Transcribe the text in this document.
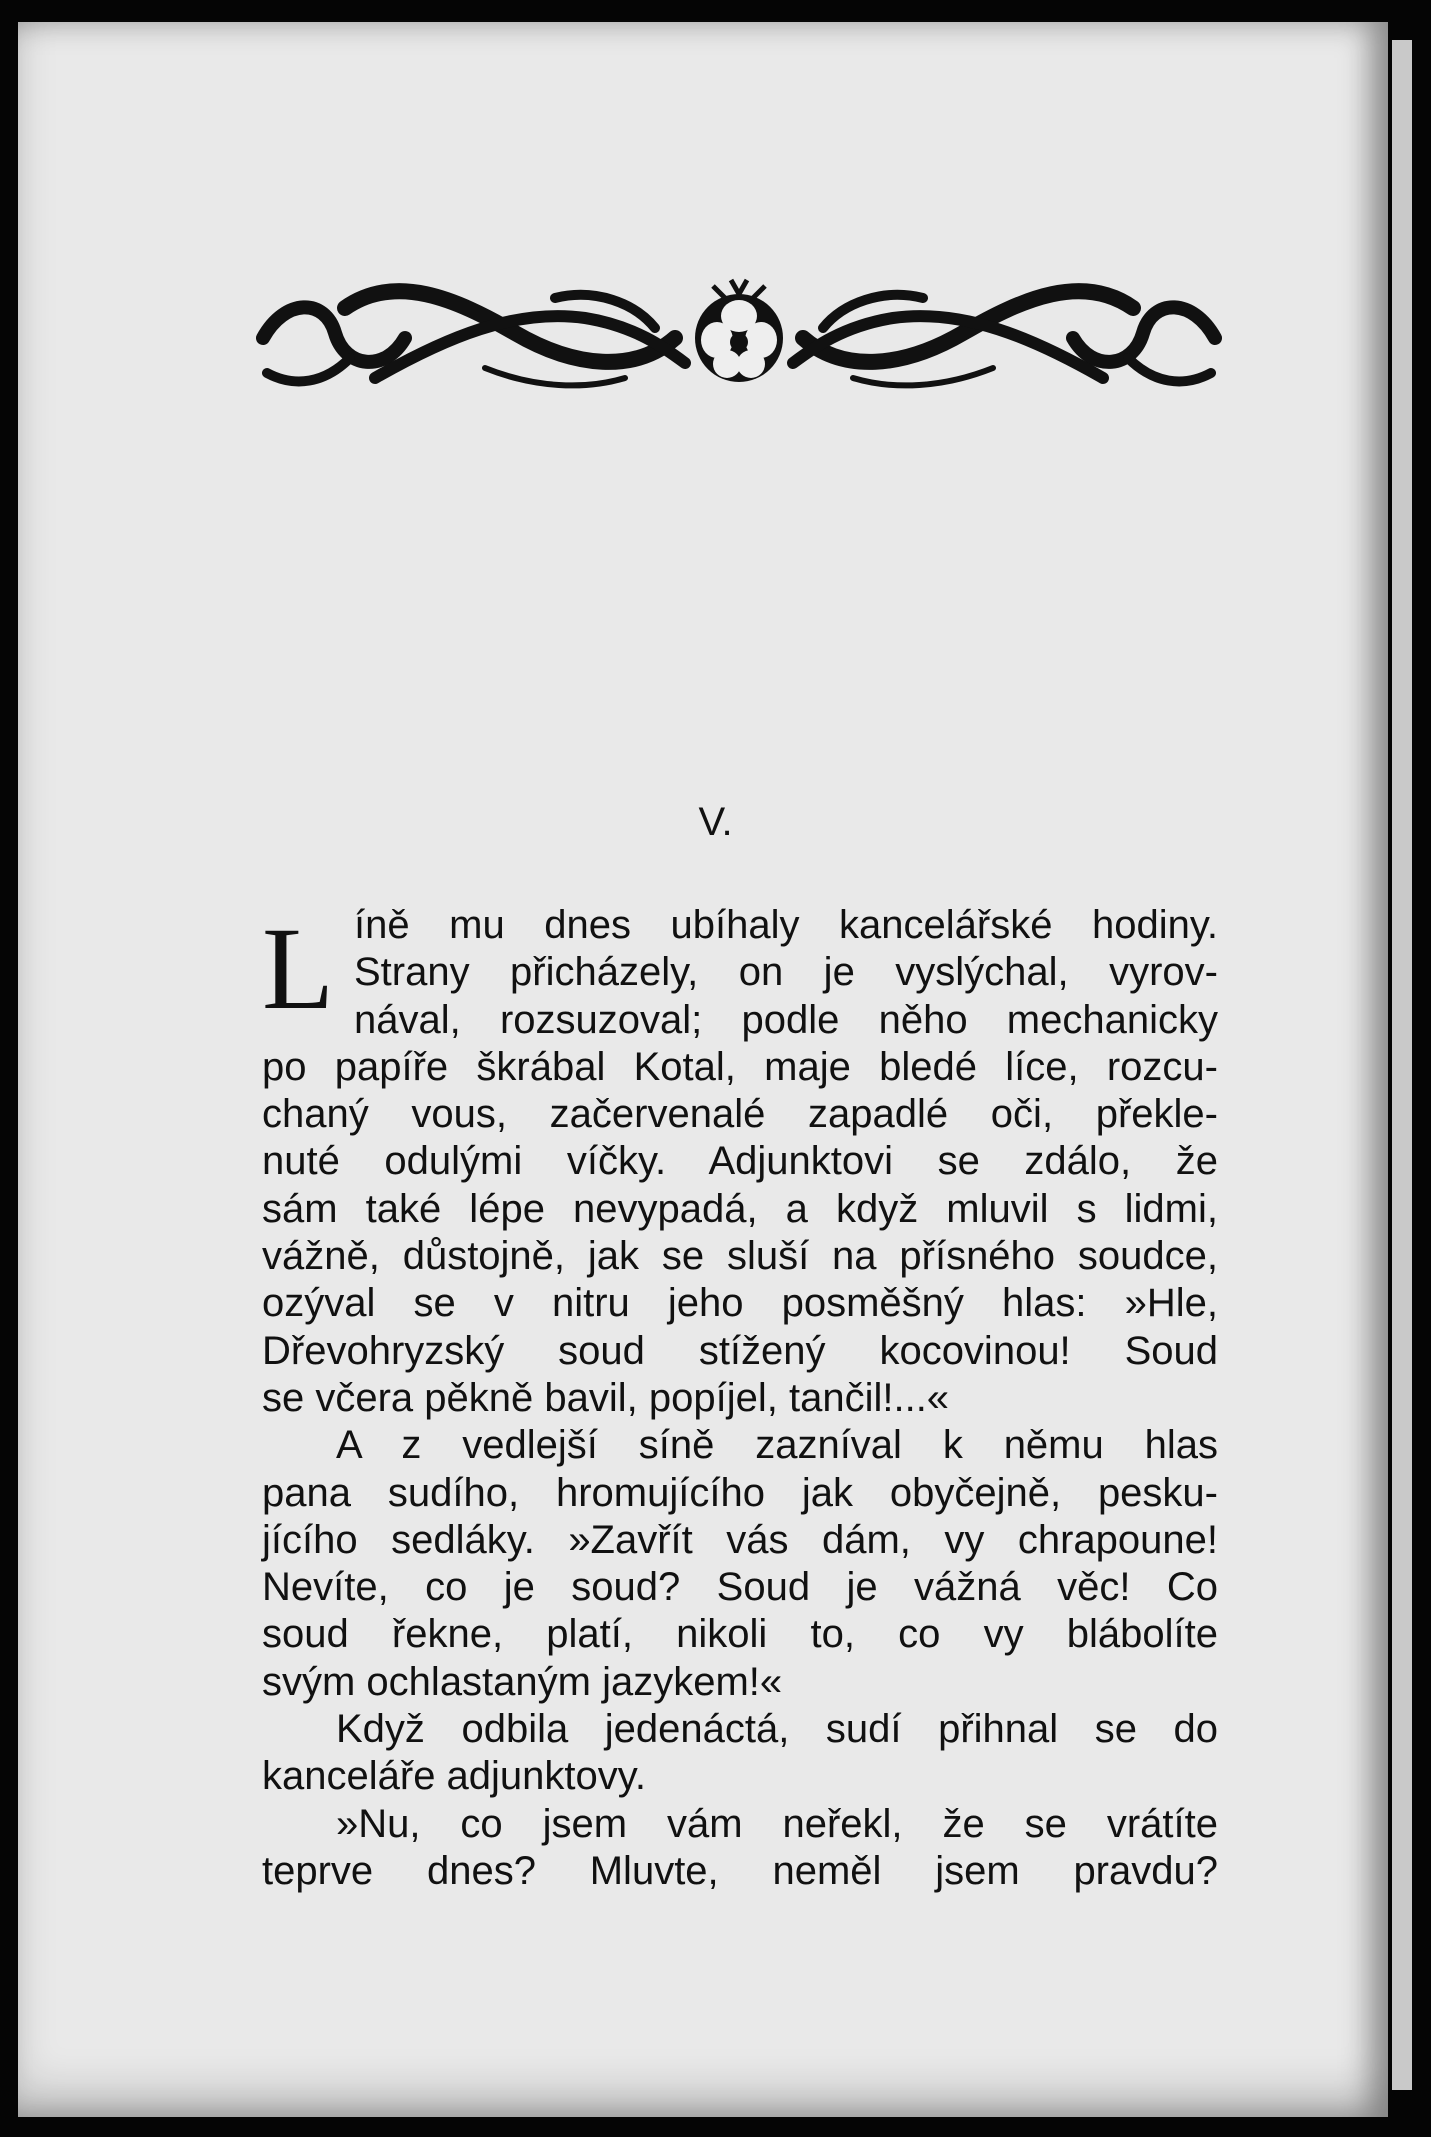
V.
L íně mu dnes ubíhaly kancelářské hodiny.
Strany přicházely, on je vyslýchal, vyrov-
nával, rozsuzoval; podle něho mechanicky
po papíře škrábal Kotal, maje bledé líce, rozcu-
chaný vous, začervenalé zapadlé oči, překle-
nuté odulými víčky. Adjunktovi se zdálo, že
sám také lépe nevypadá, a když mluvil s lidmi,
vážně, důstojně, jak se sluší na přísného soudce,
ozýval se v nitru jeho posměšný hlas: »Hle,
Dřevohryzský soud stížený kocovinou! Soud
se včera pěkně bavil, popíjel, tančil!...«
A z vedlejší síně zazníval k němu hlas
pana sudího, hromujícího jak obyčejně, pesku-
jícího sedláky. »Zavřít vás dám, vy chrapoune!
Nevíte, co je soud? Soud je vážná věc! Co
soud řekne, platí, nikoli to, co vy blábolíte
svým ochlastaným jazykem!«
Když odbila jedenáctá, sudí přihnal se do
kanceláře adjunktovy.
»Nu, co jsem vám neřekl, že se vrátíte
teprve dnes? Mluvte, neměl jsem pravdu?
